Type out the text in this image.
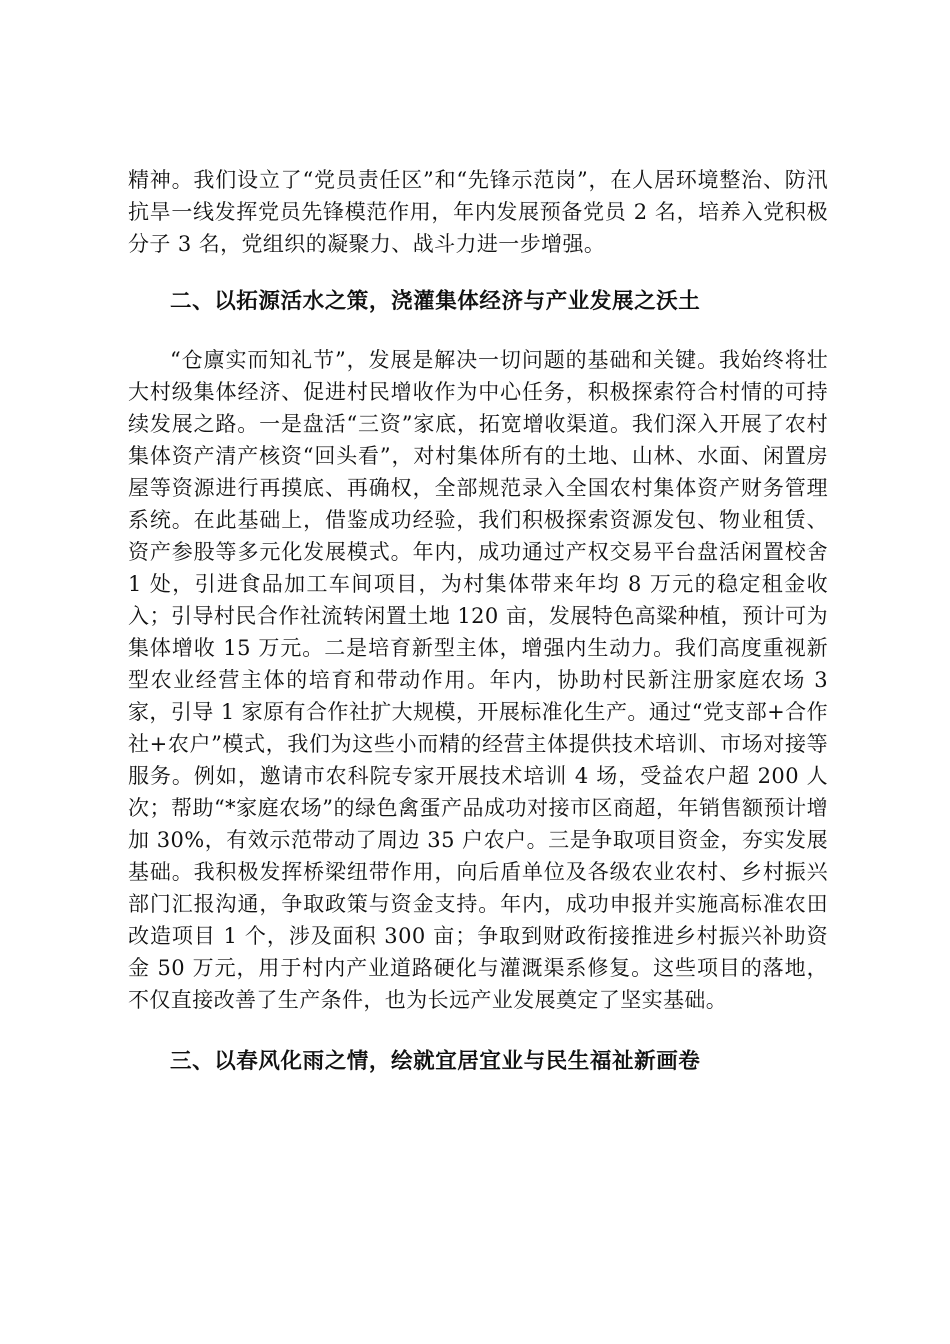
精神。我们设立了“党员责任区”和“先锋示范岗”，在人居环境整治、防汛抗旱一线发挥党员先锋模范作用，年内发展预备党员 2 名，培养入党积极分子 3 名，党组织的凝聚力、战斗力进一步增强。

二、以拓源活水之策，浇灌集体经济与产业发展之沃土

“仓廪实而知礼节”，发展是解决一切问题的基础和关键。我始终将壮大村级集体经济、促进村民增收作为中心任务，积极探索符合村情的可持续发展之路。一是盘活“三资”家底，拓宽增收渠道。我们深入开展了农村集体资产清产核资“回头看”，对村集体所有的土地、山林、水面、闲置房屋等资源进行再摸底、再确权，全部规范录入全国农村集体资产财务管理系统。在此基础上，借鉴成功经验，我们积极探索资源发包、物业租赁、资产参股等多元化发展模式。年内，成功通过产权交易平台盘活闲置校舍 1 处，引进食品加工车间项目，为村集体带来年均 8 万元的稳定租金收入；引导村民合作社流转闲置土地 120 亩，发展特色高粱种植，预计可为集体增收 15 万元。二是培育新型主体，增强内生动力。我们高度重视新型农业经营主体的培育和带动作用。年内，协助村民新注册家庭农场 3 家，引导 1 家原有合作社扩大规模，开展标准化生产。通过“党支部+合作社+农户”模式，我们为这些小而精的经营主体提供技术培训、市场对接等服务。例如，邀请市农科院专家开展技术培训 4 场，受益农户超 200 人次；帮助“*家庭农场”的绿色禽蛋产品成功对接市区商超，年销售额预计增加 30%，有效示范带动了周边 35 户农户。三是争取项目资金，夯实发展基础。我积极发挥桥梁纽带作用，向后盾单位及各级农业农村、乡村振兴部门汇报沟通，争取政策与资金支持。年内，成功申报并实施高标准农田改造项目 1 个，涉及面积 300 亩；争取到财政衔接推进乡村振兴补助资金 50 万元，用于村内产业道路硬化与灌溉渠系修复。这些项目的落地，不仅直接改善了生产条件，也为长远产业发展奠定了坚实基础。

三、以春风化雨之情，绘就宜居宜业与民生福祉新画卷
